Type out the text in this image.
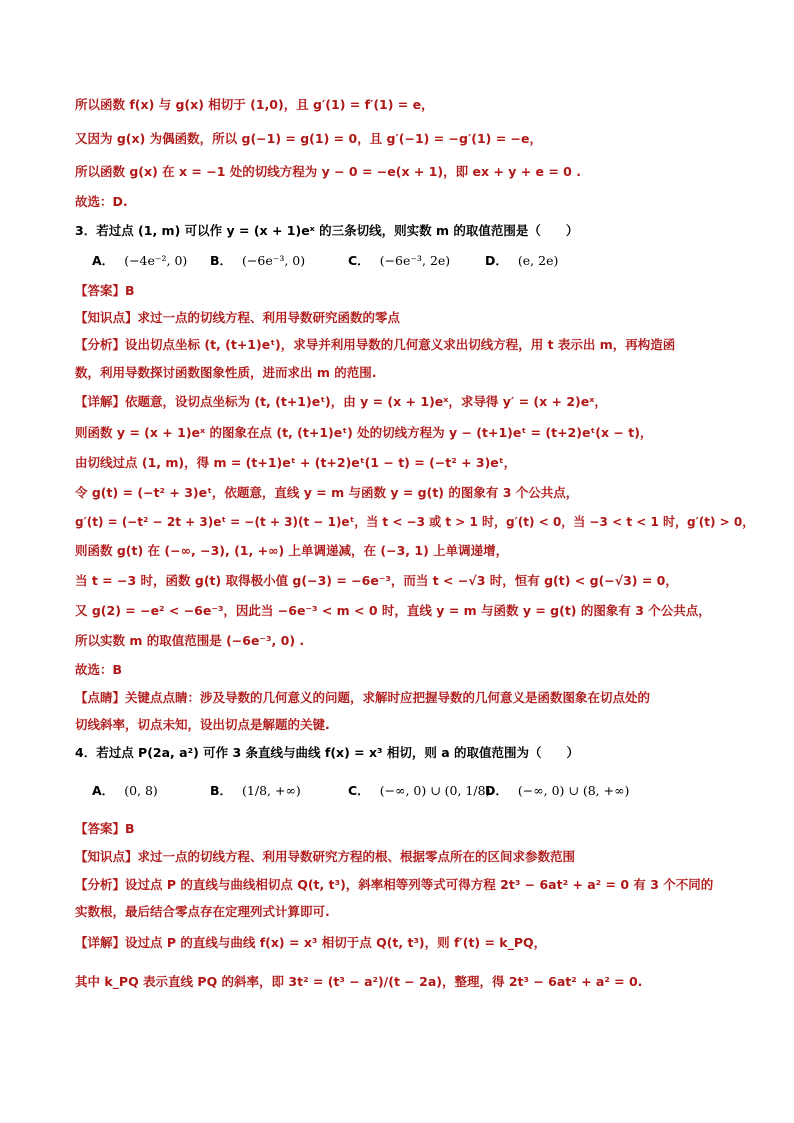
所以函数 f(x) 与 g(x) 相切于 (1,0)，且 g′(1) = f′(1) = e，
又因为 g(x) 为偶函数，所以 g(−1) = g(1) = 0，且 g′(−1) = −g′(1) = −e，
所以函数 g(x) 在 x = −1 处的切线方程为 y − 0 = −e(x + 1)，即 ex + y + e = 0 .
故选：D.
3．若过点 (1, m) 可以作 y = (x + 1)eˣ 的三条切线，则实数 m 的取值范围是（　　）
A． (−4e⁻², 0) B． (−6e⁻³, 0)	C． (−6e⁻³, 2e)	D． (e, 2e)
【答案】B
【知识点】求过一点的切线方程、利用导数研究函数的零点
【分析】设出切点坐标 (t, (t+1)eᵗ)，求导并利用导数的几何意义求出切线方程，用 t 表示出 m，再构造函
数，利用导数探讨函数图象性质，进而求出 m 的范围.
【详解】依题意，设切点坐标为 (t, (t+1)eᵗ)，由 y = (x + 1)eˣ，求导得 y′ = (x + 2)eˣ，
则函数 y = (x + 1)eˣ 的图象在点 (t, (t+1)eᵗ) 处的切线方程为 y − (t+1)eᵗ = (t+2)eᵗ(x − t)，
由切线过点 (1, m)，得 m = (t+1)eᵗ + (t+2)eᵗ(1 − t) = (−t² + 3)eᵗ，
令 g(t) = (−t² + 3)eᵗ，依题意，直线 y = m 与函数 y = g(t) 的图象有 3 个公共点，
g′(t) = (−t² − 2t + 3)eᵗ = −(t + 3)(t − 1)eᵗ，当 t < −3 或 t > 1 时，g′(t) < 0，当 −3 < t < 1 时，g′(t) > 0，
则函数 g(t) 在 (−∞, −3), (1, +∞) 上单调递减，在 (−3, 1) 上单调递增，
当 t = −3 时，函数 g(t) 取得极小值 g(−3) = −6e⁻³，而当 t < −√3 时，恒有 g(t) < g(−√3) = 0，
又 g(2) = −e² < −6e⁻³，因此当 −6e⁻³ < m < 0 时，直线 y = m 与函数 y = g(t) 的图象有 3 个公共点，
所以实数 m 的取值范围是 (−6e⁻³, 0) .
故选：B
【点睛】关键点点睛：涉及导数的几何意义的问题，求解时应把握导数的几何意义是函数图象在切点处的
切线斜率，切点未知，设出切点是解题的关键.
4．若过点 P(2a, a²) 可作 3 条直线与曲线 f(x) = x³ 相切，则 a 的取值范围为（　　）
A． (0, 8)	B． (1/8, +∞)	C． (−∞, 0) ∪ (0, 1/8)
D． (−∞, 0) ∪ (8, +∞)
【答案】B
【知识点】求过一点的切线方程、利用导数研究方程的根、根据零点所在的区间求参数范围
【分析】设过点 P 的直线与曲线相切点 Q(t, t³)，斜率相等列等式可得方程 2t³ − 6at² + a² = 0 有 3 个不同的
实数根，最后结合零点存在定理列式计算即可.
【详解】设过点 P 的直线与曲线 f(x) = x³ 相切于点 Q(t, t³)，则 f′(t) = k_PQ，
其中 k_PQ 表示直线 PQ 的斜率，即 3t² = (t³ − a²)/(t − 2a)，整理，得 2t³ − 6at² + a² = 0.
